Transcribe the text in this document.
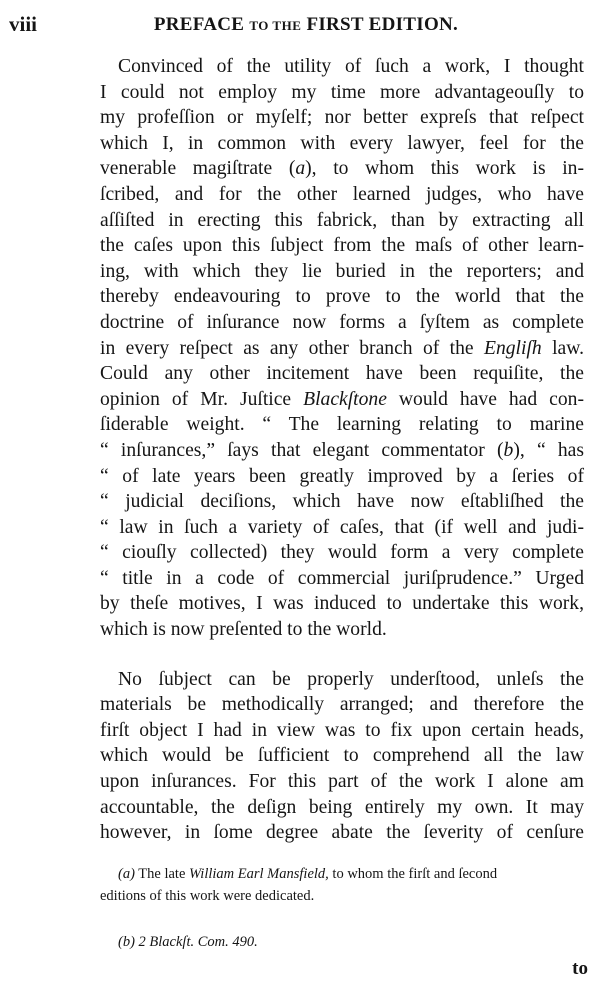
viii	PREFACE TO THE FIRST EDITION.
Convinced of the utility of ſuch a work, I thought
I could not employ my time more advantageouſly to
my profeſſion or myſelf; nor better expreſs that reſpect
which I, in common with every lawyer, feel for the
venerable magiſtrate (a), to whom this work is in-
ſcribed, and for the other learned judges, who have
aſſiſted in erecting this fabrick, than by extracting all
the caſes upon this ſubject from the maſs of other learn-
ing, with which they lie buried in the reporters; and
thereby endeavouring to prove to the world that the
doctrine of inſurance now forms a ſyſtem as complete
in every reſpect as any other branch of the Engliſh law.
Could any other incitement have been requiſite, the
opinion of Mr. Juſtice Blackſtone would have had con-
ſiderable weight. “ The learning relating to marine
“ inſurances,” ſays that elegant commentator (b), “ has
“ of late years been greatly improved by a ſeries of
“ judicial deciſions, which have now eſtabliſhed the
“ law in ſuch a variety of caſes, that (if well and judi-
“ ciouſly collected) they would form a very complete
“ title in a code of commercial juriſprudence.” Urged
by theſe motives, I was induced to undertake this work,
which is now preſented to the world.
No ſubject can be properly underſtood, unleſs the
materials be methodically arranged; and therefore the
firſt object I had in view was to fix upon certain heads,
which would be ſufficient to comprehend all the law
upon inſurances. For this part of the work I alone am
accountable, the deſign being entirely my own. It may
however, in ſome degree abate the ſeverity of cenſure
(a) The late William Earl Mansfield, to whom the firſt and ſecond
editions of this work were dedicated.
(b) 2 Blackſt. Com. 490.
to
